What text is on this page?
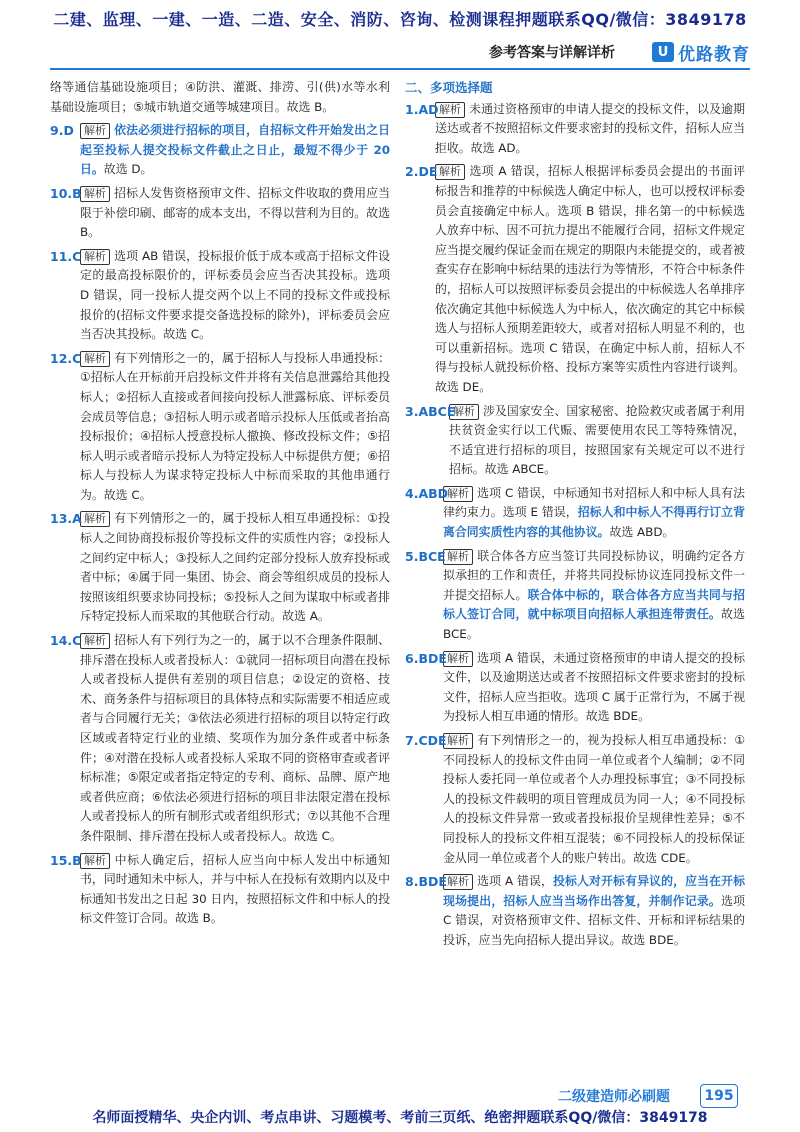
二建、监理、一建、一造、二造、安全、消防、咨询、检测课程押题联系QQ/微信：3849178
参考答案与详解详析	U 优路教育
络等通信基础设施项目；④防洪、灌溉、排涝、引(供)水等水利基础设施项目；⑤城市轨道交通等城建项目。故选 B。
9.D 解析 依法必须进行招标的项目，自招标文件开始发出之日起至投标人提交投标文件截止之日止，最短不得少于 20 日。故选 D。
10.B 解析 招标人发售资格预审文件、招标文件收取的费用应当限于补偿印刷、邮寄的成本支出，不得以营利为目的。故选 B。
11.C 解析 选项 AB 错误，投标报价低于成本或高于招标文件设定的最高投标限价的，评标委员会应当否决其投标。选项 D 错误，同一投标人提交两个以上不同的投标文件或投标报价的(招标文件要求提交备选投标的除外)，评标委员会应当否决其投标。故选 C。
12.C 解析 有下列情形之一的，属于招标人与投标人串通投标：①招标人在开标前开启投标文件并将有关信息泄露给其他投标人；②招标人直接或者间接向投标人泄露标底、评标委员会成员等信息；③招标人明示或者暗示投标人压低或者抬高投标报价；④招标人授意投标人撤换、修改投标文件；⑤招标人明示或者暗示投标人为特定投标人中标提供方便；⑥招标人与投标人为谋求特定投标人中标而采取的其他串通行为。故选 C。
13.A 解析 有下列情形之一的，属于投标人相互串通投标：①投标人之间协商投标报价等投标文件的实质性内容；②投标人之间约定中标人；③投标人之间约定部分投标人放弃投标或者中标；④属于同一集团、协会、商会等组织成员的投标人按照该组织要求协同投标；⑤投标人之间为谋取中标或者排斥特定投标人而采取的其他联合行动。故选 A。
14.C 解析 招标人有下列行为之一的，属于以不合理条件限制、排斥潜在投标人或者投标人：①就同一招标项目向潜在投标人或者投标人提供有差别的项目信息；②设定的资格、技术、商务条件与招标项目的具体特点和实际需要不相适应或者与合同履行无关；③依法必须进行招标的项目以特定行政区域或者特定行业的业绩、奖项作为加分条件或者中标条件；④对潜在投标人或者投标人采取不同的资格审查或者评标标准；⑤限定或者指定特定的专利、商标、品牌、原产地或者供应商；⑥依法必须进行招标的项目非法限定潜在投标人或者投标人的所有制形式或者组织形式；⑦以其他不合理条件限制、排斥潜在投标人或者投标人。故选 C。
15.B 解析 中标人确定后，招标人应当向中标人发出中标通知书，同时通知未中标人，并与中标人在投标有效期内以及中标通知书发出之日起 30 日内，按照招标文件和中标人的投标文件签订合同。故选 B。
二、多项选择题
1.AD 解析 未通过资格预审的申请人提交的投标文件，以及逾期送达或者不按照招标文件要求密封的投标文件，招标人应当拒收。故选 AD。
2.DE 解析 选项 A 错误，招标人根据评标委员会提出的书面评标报告和推荐的中标候选人确定中标人，也可以授权评标委员会直接确定中标人。选项 B 错误，排名第一的中标候选人放弃中标、因不可抗力提出不能履行合同，招标文件规定应当提交履约保证金而在规定的期限内未能提交的，或者被查实存在影响中标结果的违法行为等情形，不符合中标条件的，招标人可以按照评标委员会提出的中标候选人名单排序依次确定其他中标候选人为中标人，依次确定的其它中标候选人与招标人预期差距较大，或者对招标人明显不利的，也可以重新招标。选项 C 错误，在确定中标人前，招标人不得与投标人就投标价格、投标方案等实质性内容进行谈判。故选 DE。
3.ABCE
解析 涉及国家安全、国家秘密、抢险救灾或者属于利用扶贫资金实行以工代赈、需要使用农民工等特殊情况，不适宜进行招标的项目，按照国家有关规定可以不进行招标。故选 ABCE。
4.ABD
解析 选项 C 错误，中标通知书对招标人和中标人具有法律约束力。选项 E 错误，招标人和中标人不得再行订立背离合同实质性内容的其他协议。故选 ABD。
5.BCE 解析 联合体各方应当签订共同投标协议，明确约定各方拟承担的工作和责任，并将共同投标协议连同投标文件一并提交招标人。联合体中标的，联合体各方应当共同与招标人签订合同，就中标项目向招标人承担连带责任。故选 BCE。
6.BDE 解析 选项 A 错误，未通过资格预审的申请人提交的投标文件，以及逾期送达或者不按照招标文件要求密封的投标文件，招标人应当拒收。选项 C 属于正常行为，不属于视为投标人相互串通的情形。故选 BDE。
7.CDE 解析 有下列情形之一的，视为投标人相互串通投标：①不同投标人的投标文件由同一单位或者个人编制；②不同投标人委托同一单位或者个人办理投标事宜；③不同投标人的投标文件载明的项目管理成员为同一人；④不同投标人的投标文件异常一致或者投标报价呈规律性差异；⑤不同投标人的投标文件相互混装；⑥不同投标人的投标保证金从同一单位或者个人的账户转出。故选 CDE。
8.BDE 解析 选项 A 错误，投标人对开标有异议的，应当在开标现场提出，招标人应当当场作出答复，并制作记录。选项 C 错误，对资格预审文件、招标文件、开标和评标结果的投诉，应当先向招标人提出异议。故选 BDE。
二级建造师必刷题	195
名师面授精华、央企内训、考点串讲、习题模考、考前三页纸、绝密押题联系QQ/微信：3849178
